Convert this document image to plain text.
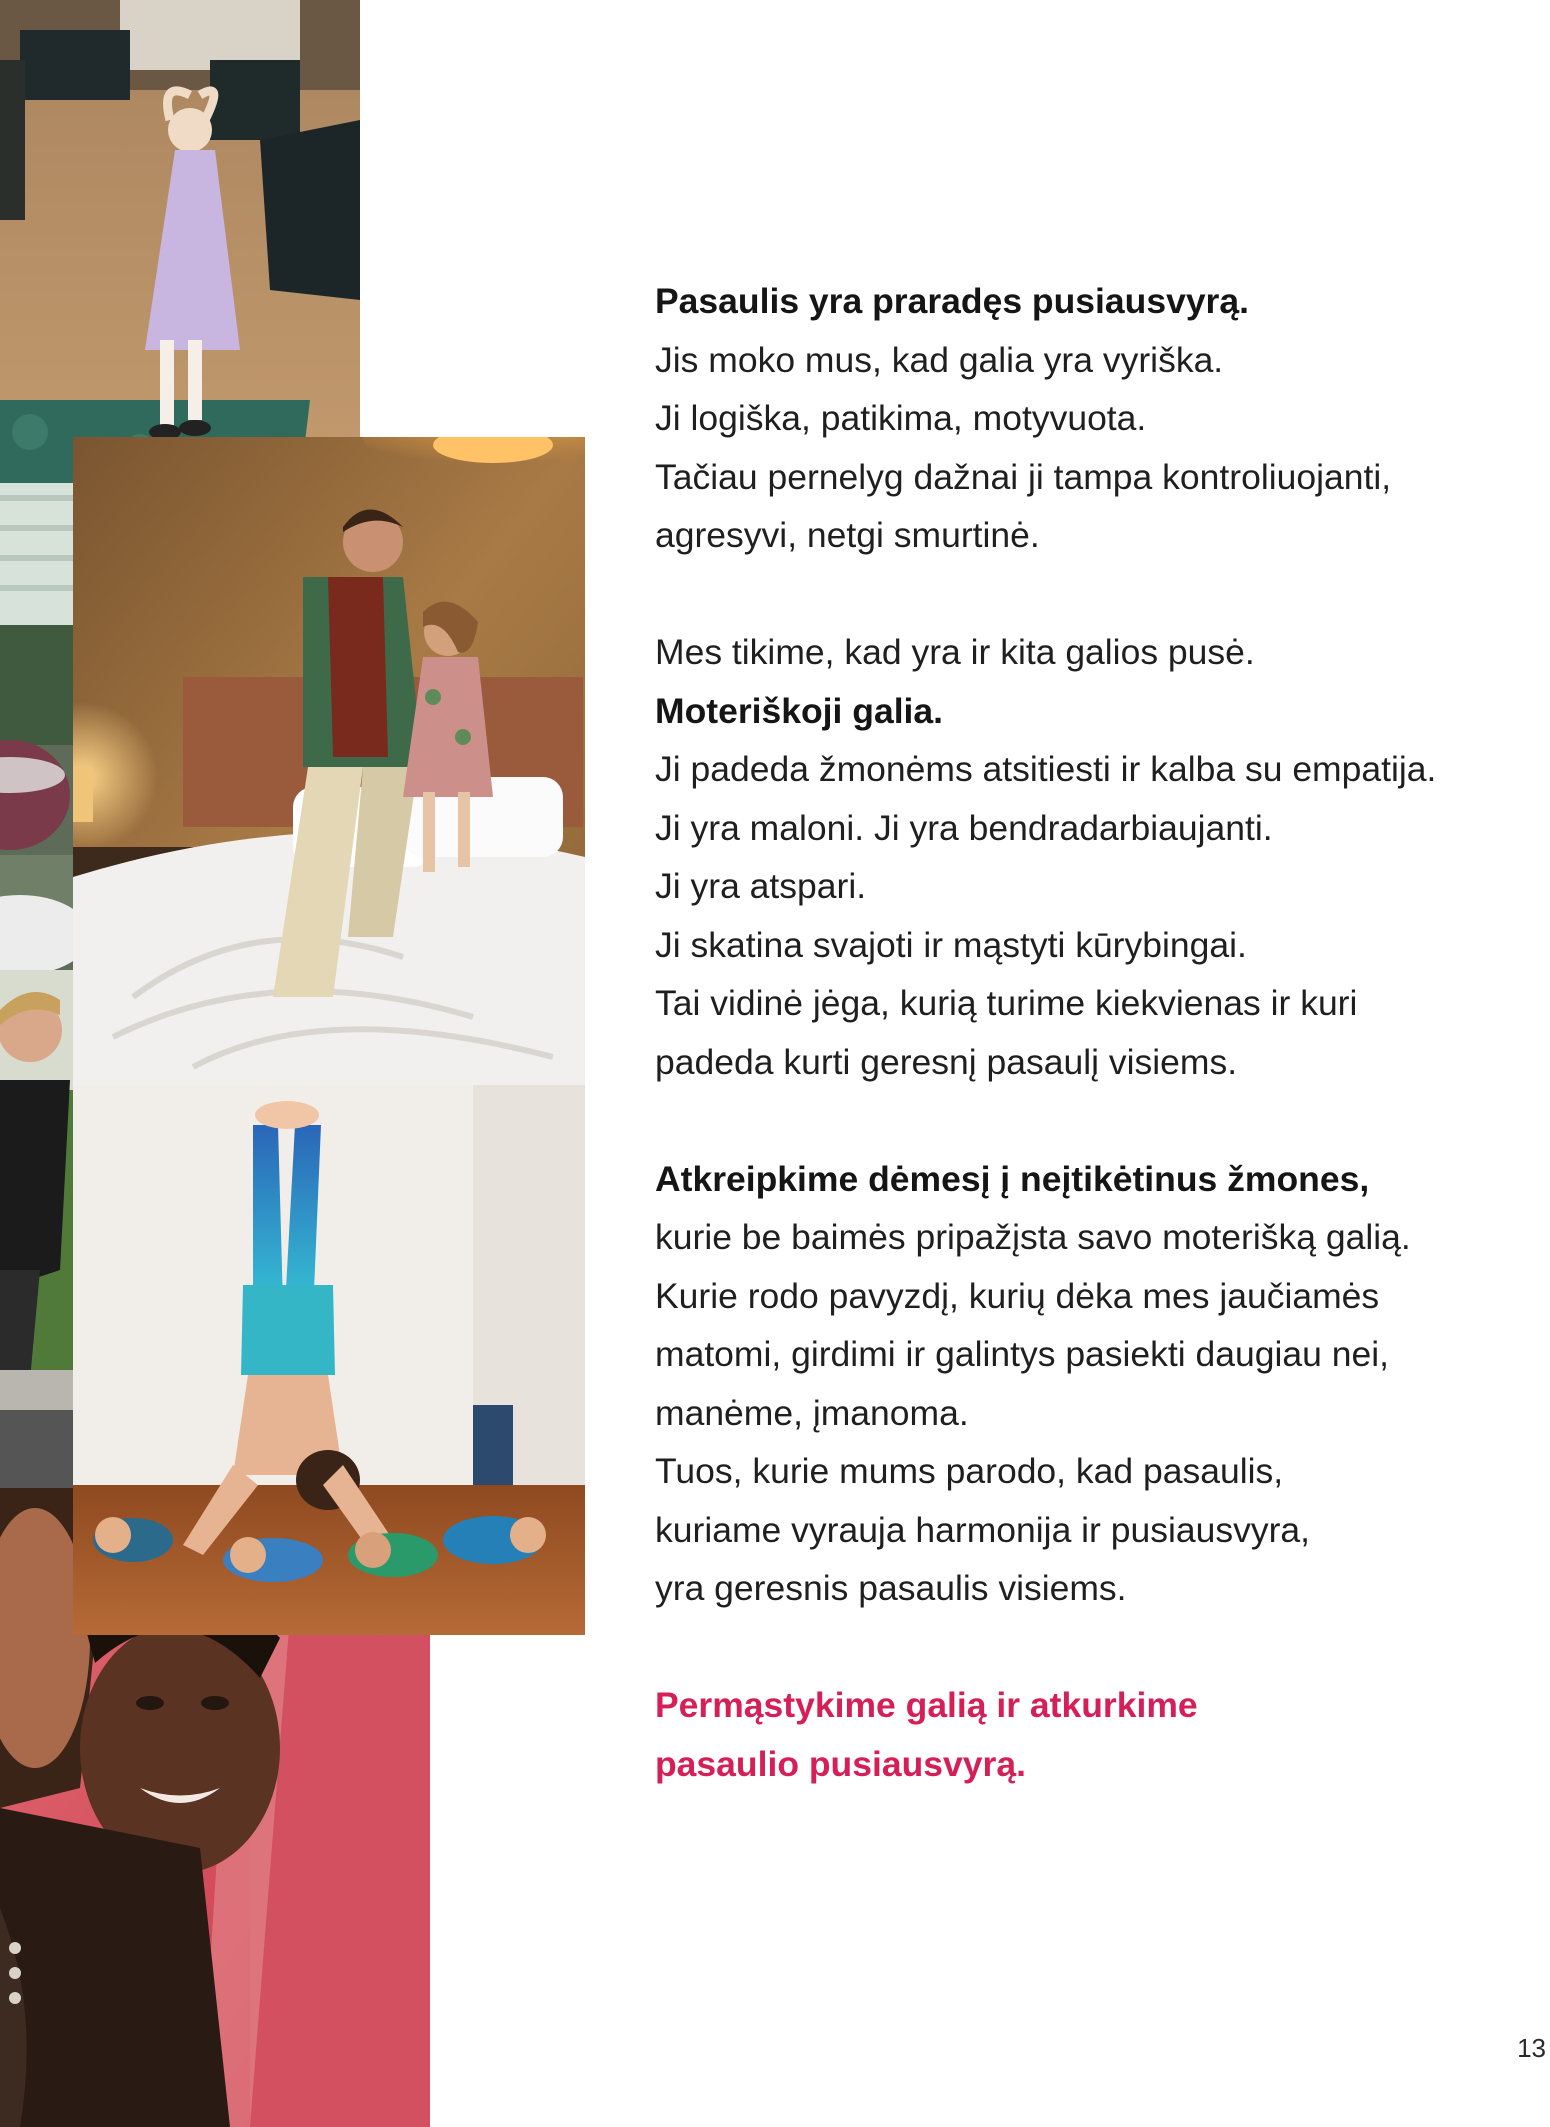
Pasaulis yra praradęs pusiausvyrą.
Jis moko mus, kad galia yra vyriška.
Ji logiška, patikima, motyvuota.
Tačiau pernelyg dažnai ji tampa kontroliuojanti,
agresyvi, netgi smurtinė.
Mes tikime, kad yra ir kita galios pusė.
Moteriškoji galia.
Ji padeda žmonėms atsitiesti ir kalba su empatija.
Ji yra maloni. Ji yra bendradarbiaujanti.
Ji yra atspari.
Ji skatina svajoti ir mąstyti kūrybingai.
Tai vidinė jėga, kurią turime kiekvienas ir kuri
padeda kurti geresnį pasaulį visiems.
Atkreipkime dėmesį į neįtikėtinus žmones,
kurie be baimės pripažįsta savo moterišką galią.
Kurie rodo pavyzdį, kurių dėka mes jaučiamės
matomi, girdimi ir galintys pasiekti daugiau nei,
manėme, įmanoma.
Tuos, kurie mums parodo, kad pasaulis,
kuriame vyrauja harmonija ir pusiausvyra,
yra geresnis pasaulis visiems.
Permąstykime galią ir atkurkime
pasaulio pusiausvyrą.
13
